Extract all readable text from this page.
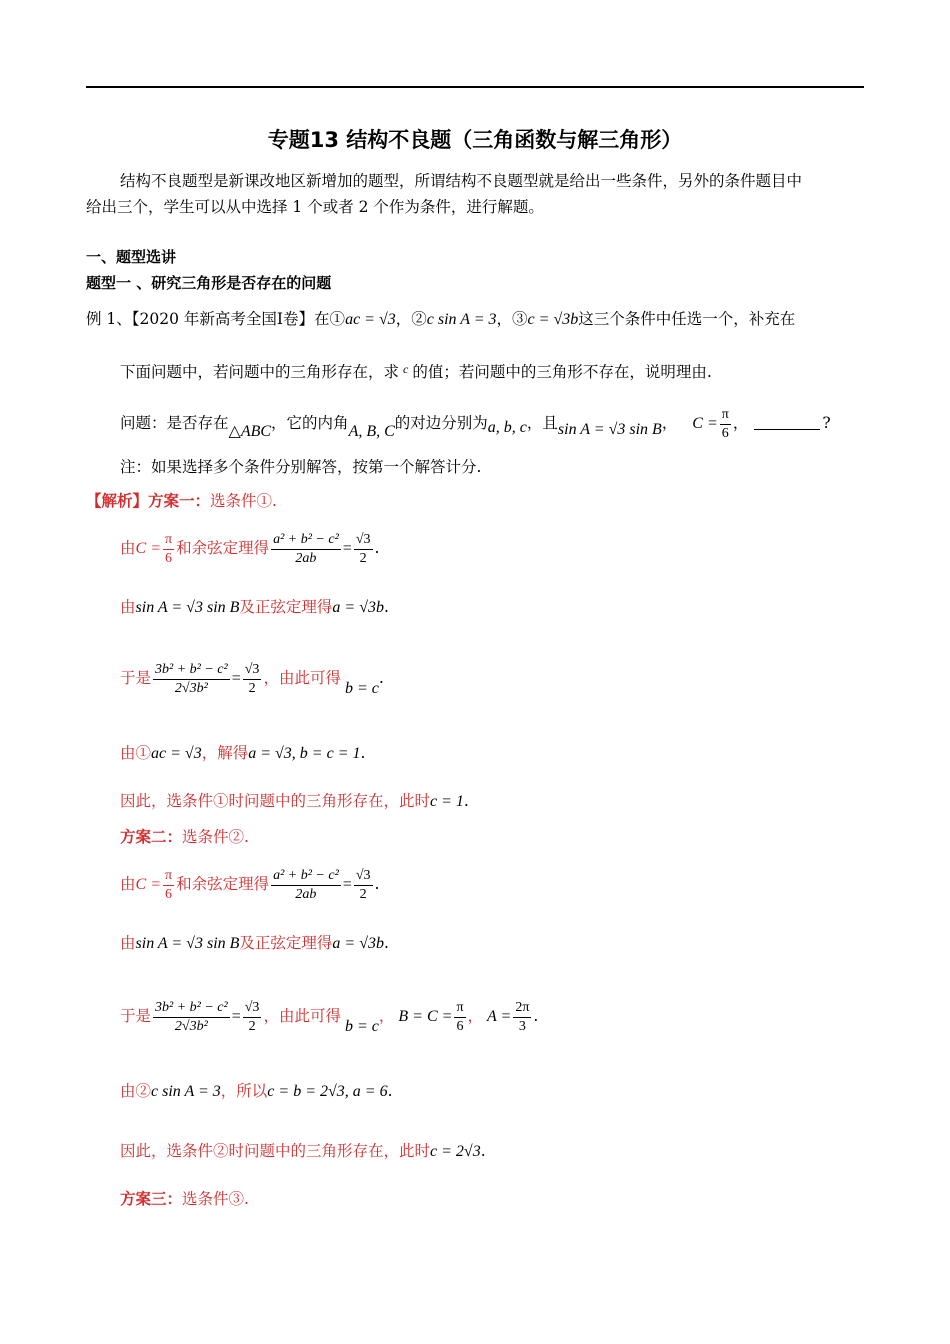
专题13 结构不良题（三角函数与解三角形）
结构不良题型是新课改地区新增加的题型，所谓结构不良题型就是给出一些条件，另外的条件题目中
给出三个，学生可以从中选择 1 个或者 2 个作为条件，进行解题。
一、题型选讲
题型一 、研究三角形是否存在的问题
例 1、【2020 年新高考全国Ⅰ卷】在①ac = √3，②c sin A = 3，③c = √3b这三个条件中任选一个，补充在
下面问题中，若问题中的三角形存在，求 $^c$ 的值；若问题中的三角形不存在，说明理由.
问题：是否存在△ABC，它的内角A, B, C的对边分别为a, b, c，且sin A = √3 sin B， $C = \frac{\pi}{6}$ ，	?
注：如果选择多个条件分别解答，按第一个解答计分.
【解析】方案一：选条件①.
由$C = \frac{\pi}{6}$ 和余弦定理得 $\frac{\text{a² + b² − c²}}{2ab} = \frac{√3}{2}$ .
由sin A = √3 sin B及正弦定理得a = √3b.
于是 $\frac{\text{3b² + b² − c²}}{\text{2√3b²}} = \frac{√3}{2}$ ，由此可得b = c.
由①ac = √3，解得a = √3, b = c = 1.
因此，选条件①时问题中的三角形存在，此时c = 1.
方案二：选条件②.
由$C = \frac{\pi}{6}$ 和余弦定理得 $\frac{\text{a² + b² − c²}}{2ab} = \frac{√3}{2}$ .
由sin A = √3 sin B及正弦定理得a = √3b.
于是 $\frac{\text{3b² + b² − c²}}{\text{2√3b²}} = \frac{√3}{2}$ ，由此可得b = c， $B = C = \frac{\pi}{6}$ ， $A = \frac{2\pi}{3}$ .
由②c sin A = 3，所以c = b = 2√3, a = 6.
因此，选条件②时问题中的三角形存在，此时c = 2√3.
方案三：选条件③.
